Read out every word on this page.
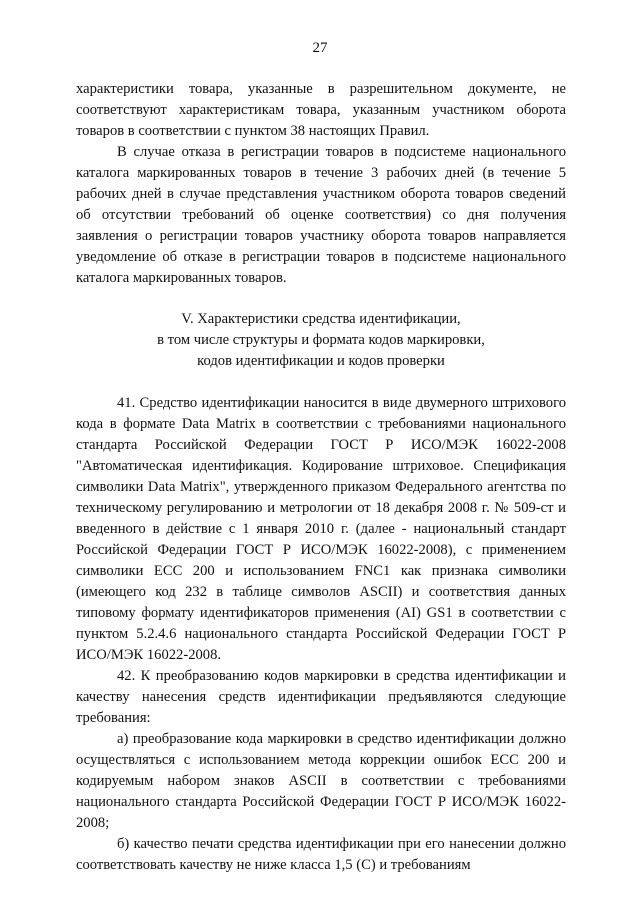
27

характеристики товара, указанные в разрешительном документе, не соответствуют характеристикам товара, указанным участником оборота товаров в соответствии с пунктом 38 настоящих Правил.

В случае отказа в регистрации товаров в подсистеме национального каталога маркированных товаров в течение 3 рабочих дней (в течение 5 рабочих дней в случае представления участником оборота товаров сведений об отсутствии требований об оценке соответствия) со дня получения заявления о регистрации товаров участнику оборота товаров направляется уведомление об отказе в регистрации товаров в подсистеме национального каталога маркированных товаров.

V. Характеристики средства идентификации,
в том числе структуры и формата кодов маркировки,
кодов идентификации и кодов проверки

41. Средство идентификации наносится в виде двумерного штрихового кода в формате Data Matrix в соответствии с требованиями национального стандарта Российской Федерации ГОСТ Р ИСО/МЭК 16022-2008 "Автоматическая идентификация. Кодирование штриховое. Спецификация символики Data Matrix", утвержденного приказом Федерального агентства по техническому регулированию и метрологии от 18 декабря 2008 г. № 509-ст и введенного в действие с 1 января 2010 г. (далее - национальный стандарт Российской Федерации ГОСТ Р ИСО/МЭК 16022-2008), с применением символики ЕСС 200 и использованием FNC1 как признака символики (имеющего код 232 в таблице символов ASCII) и соответствия данных типовому формату идентификаторов применения (AI) GS1 в соответствии с пунктом 5.2.4.6 национального стандарта Российской Федерации ГОСТ Р ИСО/МЭК 16022-2008.

42. К преобразованию кодов маркировки в средства идентификации и качеству нанесения средств идентификации предъявляются следующие требования:

а) преобразование кода маркировки в средство идентификации должно осуществляться с использованием метода коррекции ошибок ЕСС 200 и кодируемым набором знаков ASCII в соответствии с требованиями национального стандарта Российской Федерации ГОСТ Р ИСО/МЭК 16022-2008;

б) качество печати средства идентификации при его нанесении должно соответствовать качеству не ниже класса 1,5 (С) и требованиям
